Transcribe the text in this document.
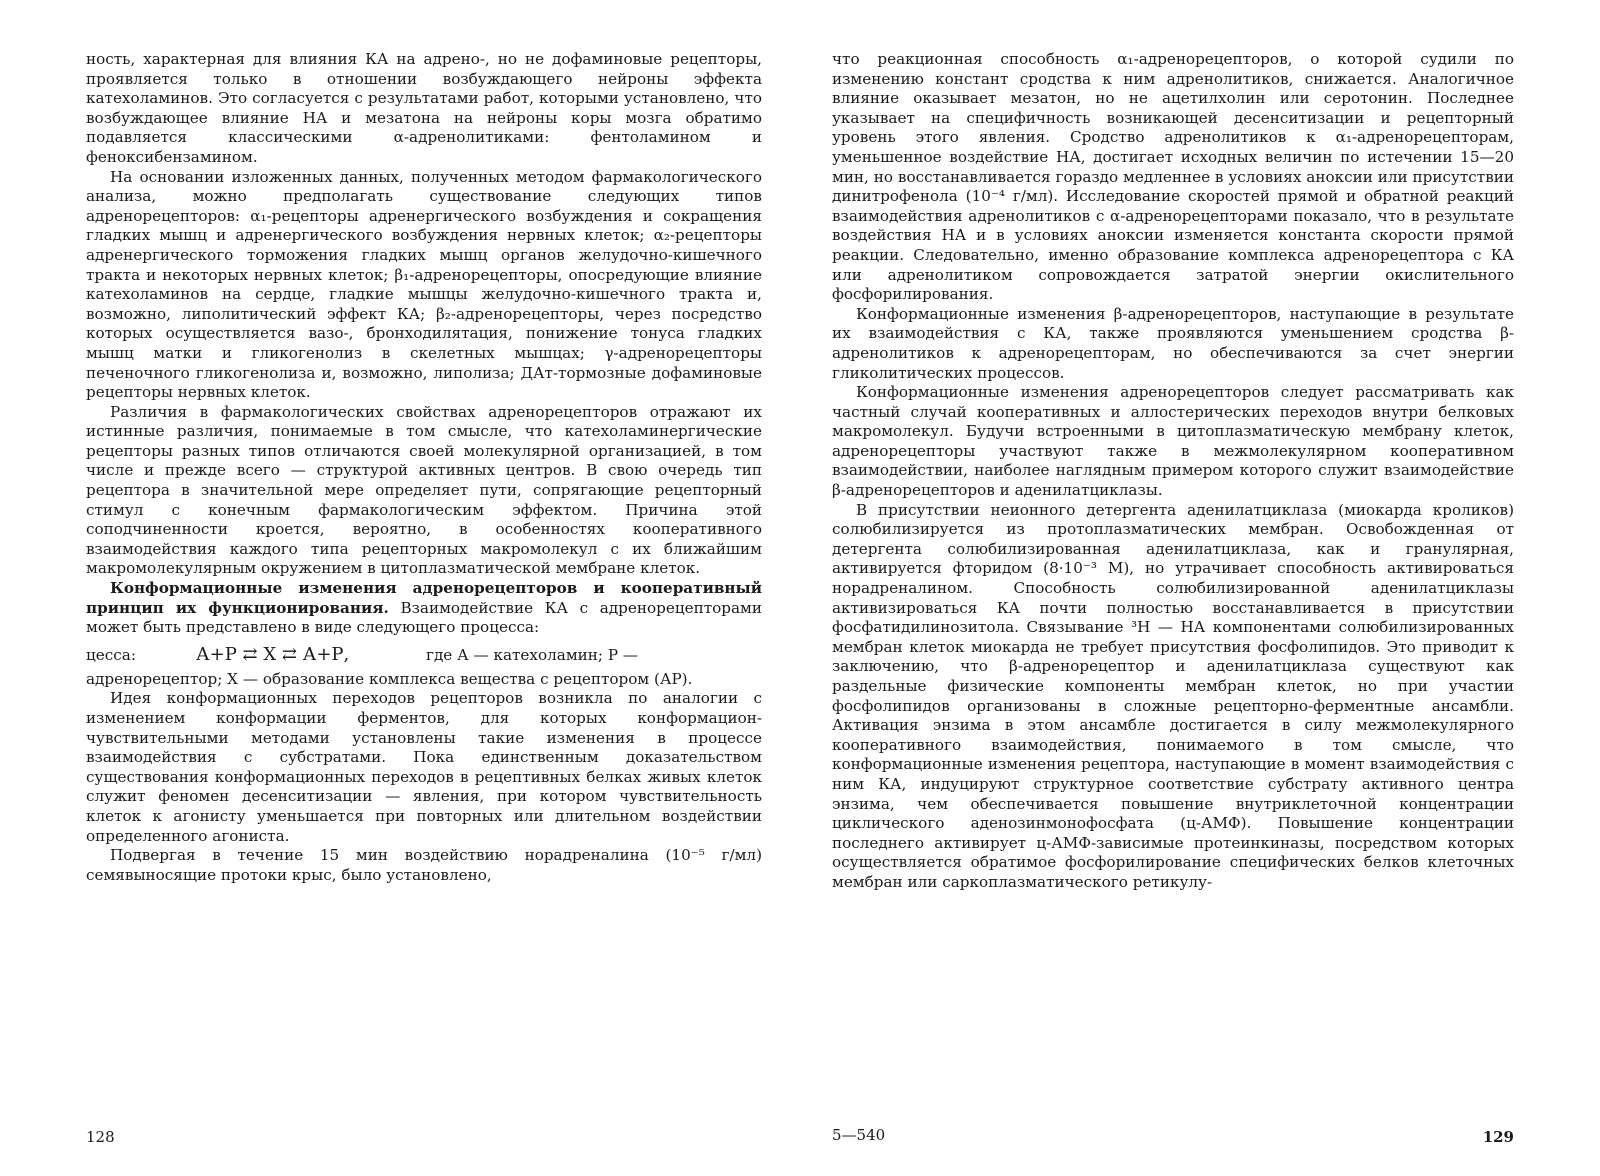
ность, характерная для влияния КА на адрено-, но не дофаминовые рецепторы, проявляется только в отношении возбуждающего нейроны эффекта катехоламинов. Это согласуется с результатами работ, которыми установлено, что возбуждающее влияние НА и мезатона на нейроны коры мозга обратимо подавляется классическими α-адренолитиками: фентоламином и феноксибензамином.

На основании изложенных данных, полученных методом фармакологического анализа, можно предполагать существование следующих типов адренорецепторов: α₁-рецепторы адренергического возбуждения и сокращения гладких мышц и адренергического возбуждения нервных клеток; α₂-рецепторы адренергического торможения гладких мышц органов желудочно-кишечного тракта и некоторых нервных клеток; β₁-адренорецепторы, опосредующие влияние катехоламинов на сердце, гладкие мышцы желудочно-кишечного тракта и, возможно, липолитический эффект КА; β₂-адренорецепторы, через посредство которых осуществляется вазо-, бронходилятация, понижение тонуса гладких мышц матки и гликогенолиз в скелетных мышцах; γ-адренорецепторы печеночного гликогенолиза и, возможно, липолиза; ДАт-тормозные дофаминовые рецепторы нервных клеток.

Различия в фармакологических свойствах адренорецепторов отражают их истинные различия, понимаемые в том смысле, что катехоламинергические рецепторы разных типов отличаются своей молекулярной организацией, в том числе и прежде всего — структурой активных центров. В свою очередь тип рецептора в значительной мере определяет пути, сопрягающие рецепторный стимул с конечным фармакологическим эффектом. Причина этой соподчиненности кроется, вероятно, в особенностях кооперативного взаимодействия каждого типа рецепторных макромолекул с их ближайшим макромолекулярным окружением в цитоплазматической мембране клеток.

Конформационные изменения адренорецепторов и кооперативный принцип их функционирования. Взаимодействие КА с адренорецепторами может быть представлено в виде следующего процесса:

цесса:	А+Р ⇄ Х ⇄ А+Р,	где А — катехоламин; Р —

адренорецептор; Х — образование комплекса вещества с рецептором (АР).

Идея конформационных переходов рецепторов возникла по аналогии с изменением конформации ферментов, для которых конформацион-чувствительными методами установлены такие изменения в процессе взаимодействия с субстратами. Пока единственным доказательством существования конформационных переходов в рецептивных белках живых клеток служит феномен десенситизации — явления, при котором чувствительность клеток к агонисту уменьшается при повторных или длительном воздействии определенного агониста.

Подвергая в течение 15 мин воздействию норадреналина (10⁻⁵ г/мл) семявыносящие протоки крыс, было установлено,

128

что реакционная способность α₁-адренорецепторов, о которой судили по изменению констант сродства к ним адренолитиков, снижается. Аналогичное влияние оказывает мезатон, но не ацетилхолин или серотонин. Последнее указывает на специфичность возникающей десенситизации и рецепторный уровень этого явления. Сродство адренолитиков к α₁-адренорецепторам, уменьшенное воздействие НА, достигает исходных величин по истечении 15—20 мин, но восстанавливается гораздо медленнее в условиях аноксии или присутствии динитрофенола (10⁻⁴ г/мл). Исследование скоростей прямой и обратной реакций взаимодействия адренолитиков с α-адренорецепторами показало, что в результате воздействия НА и в условиях аноксии изменяется константа скорости прямой реакции. Следовательно, именно образование комплекса адренорецептора с КА или адренолитиком сопровождается затратой энергии окислительного фосфорилирования.

Конформационные изменения β-адренорецепторов, наступающие в результате их взаимодействия с КА, также проявляются уменьшением сродства β-адренолитиков к адренорецепторам, но обеспечиваются за счет энергии гликолитических процессов.

Конформационные изменения адренорецепторов следует рассматривать как частный случай кооперативных и аллостерических переходов внутри белковых макромолекул. Будучи встроенными в цитоплазматическую мембрану клеток, адренорецепторы участвуют также в межмолекулярном кооперативном взаимодействии, наиболее наглядным примером которого служит взаимодействие β-адренорецепторов и аденилатциклазы.

В присутствии неионного детергента аденилатциклаза (миокарда кроликов) солюбилизируется из протоплазматических мембран. Освобожденная от детергента солюбилизированная аденилатциклаза, как и гранулярная, активируется фторидом (8·10⁻³ М), но утрачивает способность активироваться норадреналином. Способность солюбилизированной аденилатциклазы активизироваться КА почти полностью восстанавливается в присутствии фосфатидилинозитола. Связывание ³Н — НА компонентами солюбилизированных мембран клеток миокарда не требует присутствия фосфолипидов. Это приводит к заключению, что β-адренорецептор и аденилатциклаза существуют как раздельные физические компоненты мембран клеток, но при участии фосфолипидов организованы в сложные рецепторно-ферментные ансамбли. Активация энзима в этом ансамбле достигается в силу межмолекулярного кооперативного взаимодействия, понимаемого в том смысле, что конформационные изменения рецептора, наступающие в момент взаимодействия с ним КА, индуцируют структурное соответствие субстрату активного центра энзима, чем обеспечивается повышение внутриклеточной концентрации циклического аденозинмонофосфата (ц-АМФ). Повышение концентрации последнего активирует ц-АМФ-зависимые протеинкиназы, посредством которых осуществляется обратимое фосфорилирование специфических белков клеточных мембран или саркоплазматического ретикулу-

5—540	129
